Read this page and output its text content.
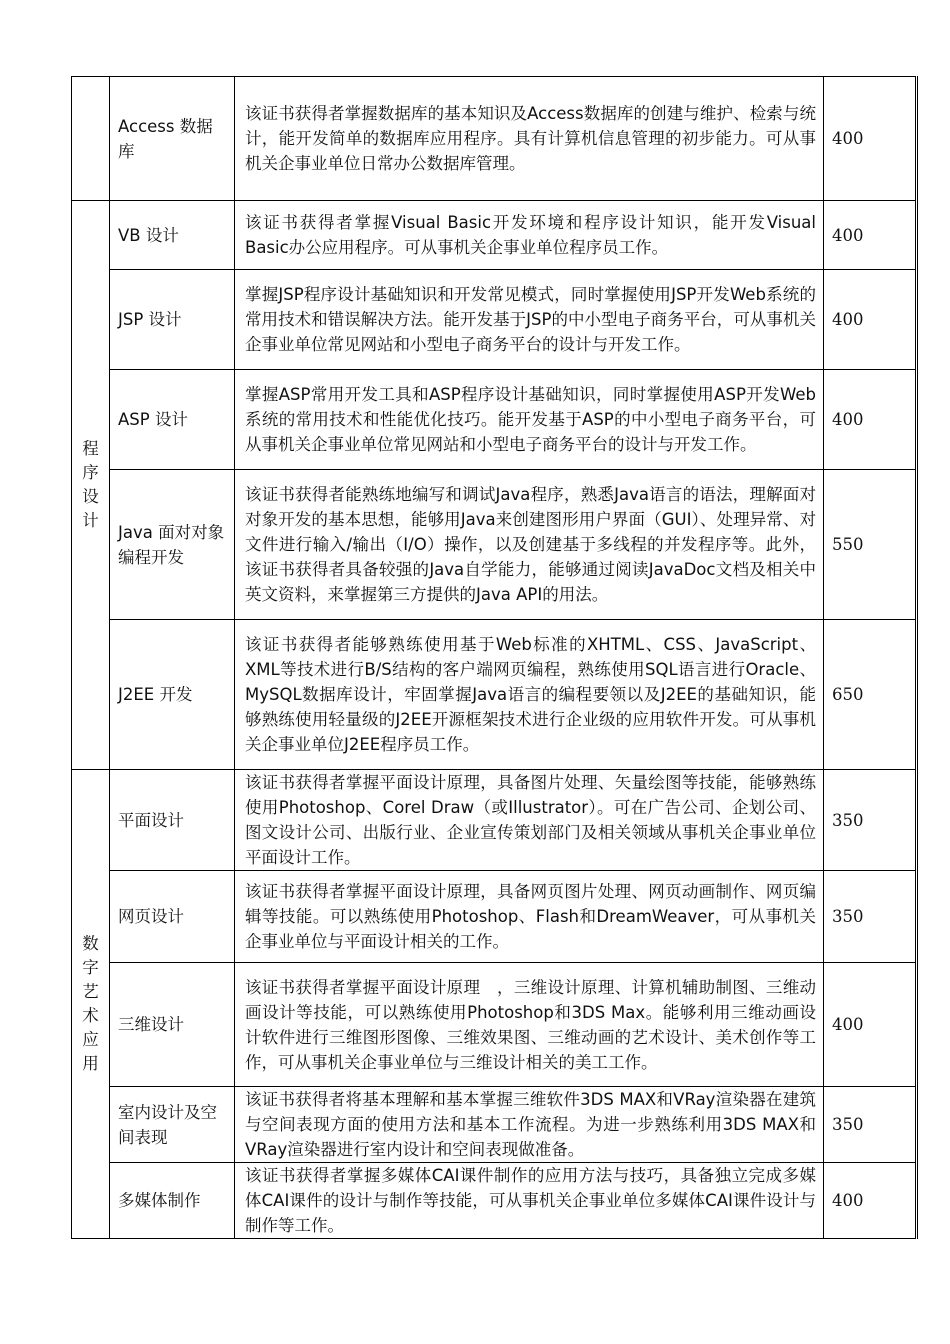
	Access 数据库	该证书获得者掌握数据库的基本知识及Access数据库的创建与维护、检索与统计，能开发简单的数据库应用程序。具有计算机信息管理的初步能力。可从事机关企事业单位日常办公数据库管理。	400

程序设计	VB 设计	该证书获得者掌握Visual Basic开发环境和程序设计知识，能开发Visual Basic办公应用程序。可从事机关企事业单位程序员工作。	400
	JSP 设计	掌握JSP程序设计基础知识和开发常见模式，同时掌握使用JSP开发Web系统的常用技术和错误解决方法。能开发基于JSP的中小型电子商务平台，可从事机关企事业单位常见网站和小型电子商务平台的设计与开发工作。	400
	ASP 设计	掌握ASP常用开发工具和ASP程序设计基础知识，同时掌握使用ASP开发Web系统的常用技术和性能优化技巧。能开发基于ASP的中小型电子商务平台，可从事机关企事业单位常见网站和小型电子商务平台的设计与开发工作。	400
	Java 面对对象编程开发	该证书获得者能熟练地编写和调试Java程序，熟悉Java语言的语法，理解面对对象开发的基本思想，能够用Java来创建图形用户界面（GUI）、处理异常、对文件进行输入/输出（I/O）操作，以及创建基于多线程的并发程序等。此外，该证书获得者具备较强的Java自学能力，能够通过阅读JavaDoc文档及相关中英文资料，来掌握第三方提供的Java API的用法。	550
	J2EE 开发	该证书获得者能够熟练使用基于Web标准的XHTML、CSS、JavaScript、XML等技术进行B/S结构的客户端网页编程，熟练使用SQL语言进行Oracle、MySQL数据库设计，牢固掌握Java语言的编程要领以及J2EE的基础知识，能够熟练使用轻量级的J2EE开源框架技术进行企业级的应用软件开发。可从事机关企事业单位J2EE程序员工作。	650

数字艺术应用	平面设计	该证书获得者掌握平面设计原理，具备图片处理、矢量绘图等技能，能够熟练使用Photoshop、Corel Draw（或Illustrator）。可在广告公司、企划公司、图文设计公司、出版行业、企业宣传策划部门及相关领域从事机关企事业单位平面设计工作。	350
	网页设计	该证书获得者掌握平面设计原理，具备网页图片处理、网页动画制作、网页编辑等技能。可以熟练使用Photoshop、Flash和DreamWeaver，可从事机关企事业单位与平面设计相关的工作。	350
	三维设计	该证书获得者掌握平面设计原理　，三维设计原理、计算机辅助制图、三维动画设计等技能，可以熟练使用Photoshop和3DS Max。能够利用三维动画设计软件进行三维图形图像、三维效果图、三维动画的艺术设计、美术创作等工作，可从事机关企事业单位与三维设计相关的美工工作。	400
	室内设计及空间表现	该证书获得者将基本理解和基本掌握三维软件3DS MAX和VRay渲染器在建筑与空间表现方面的使用方法和基本工作流程。为进一步熟练利用3DS MAX和VRay渲染器进行室内设计和空间表现做准备。	350
	多媒体制作	该证书获得者掌握多媒体CAI课件制作的应用方法与技巧，具备独立完成多媒体CAI课件的设计与制作等技能，可从事机关企事业单位多媒体CAI课件设计与制作等工作。	400
